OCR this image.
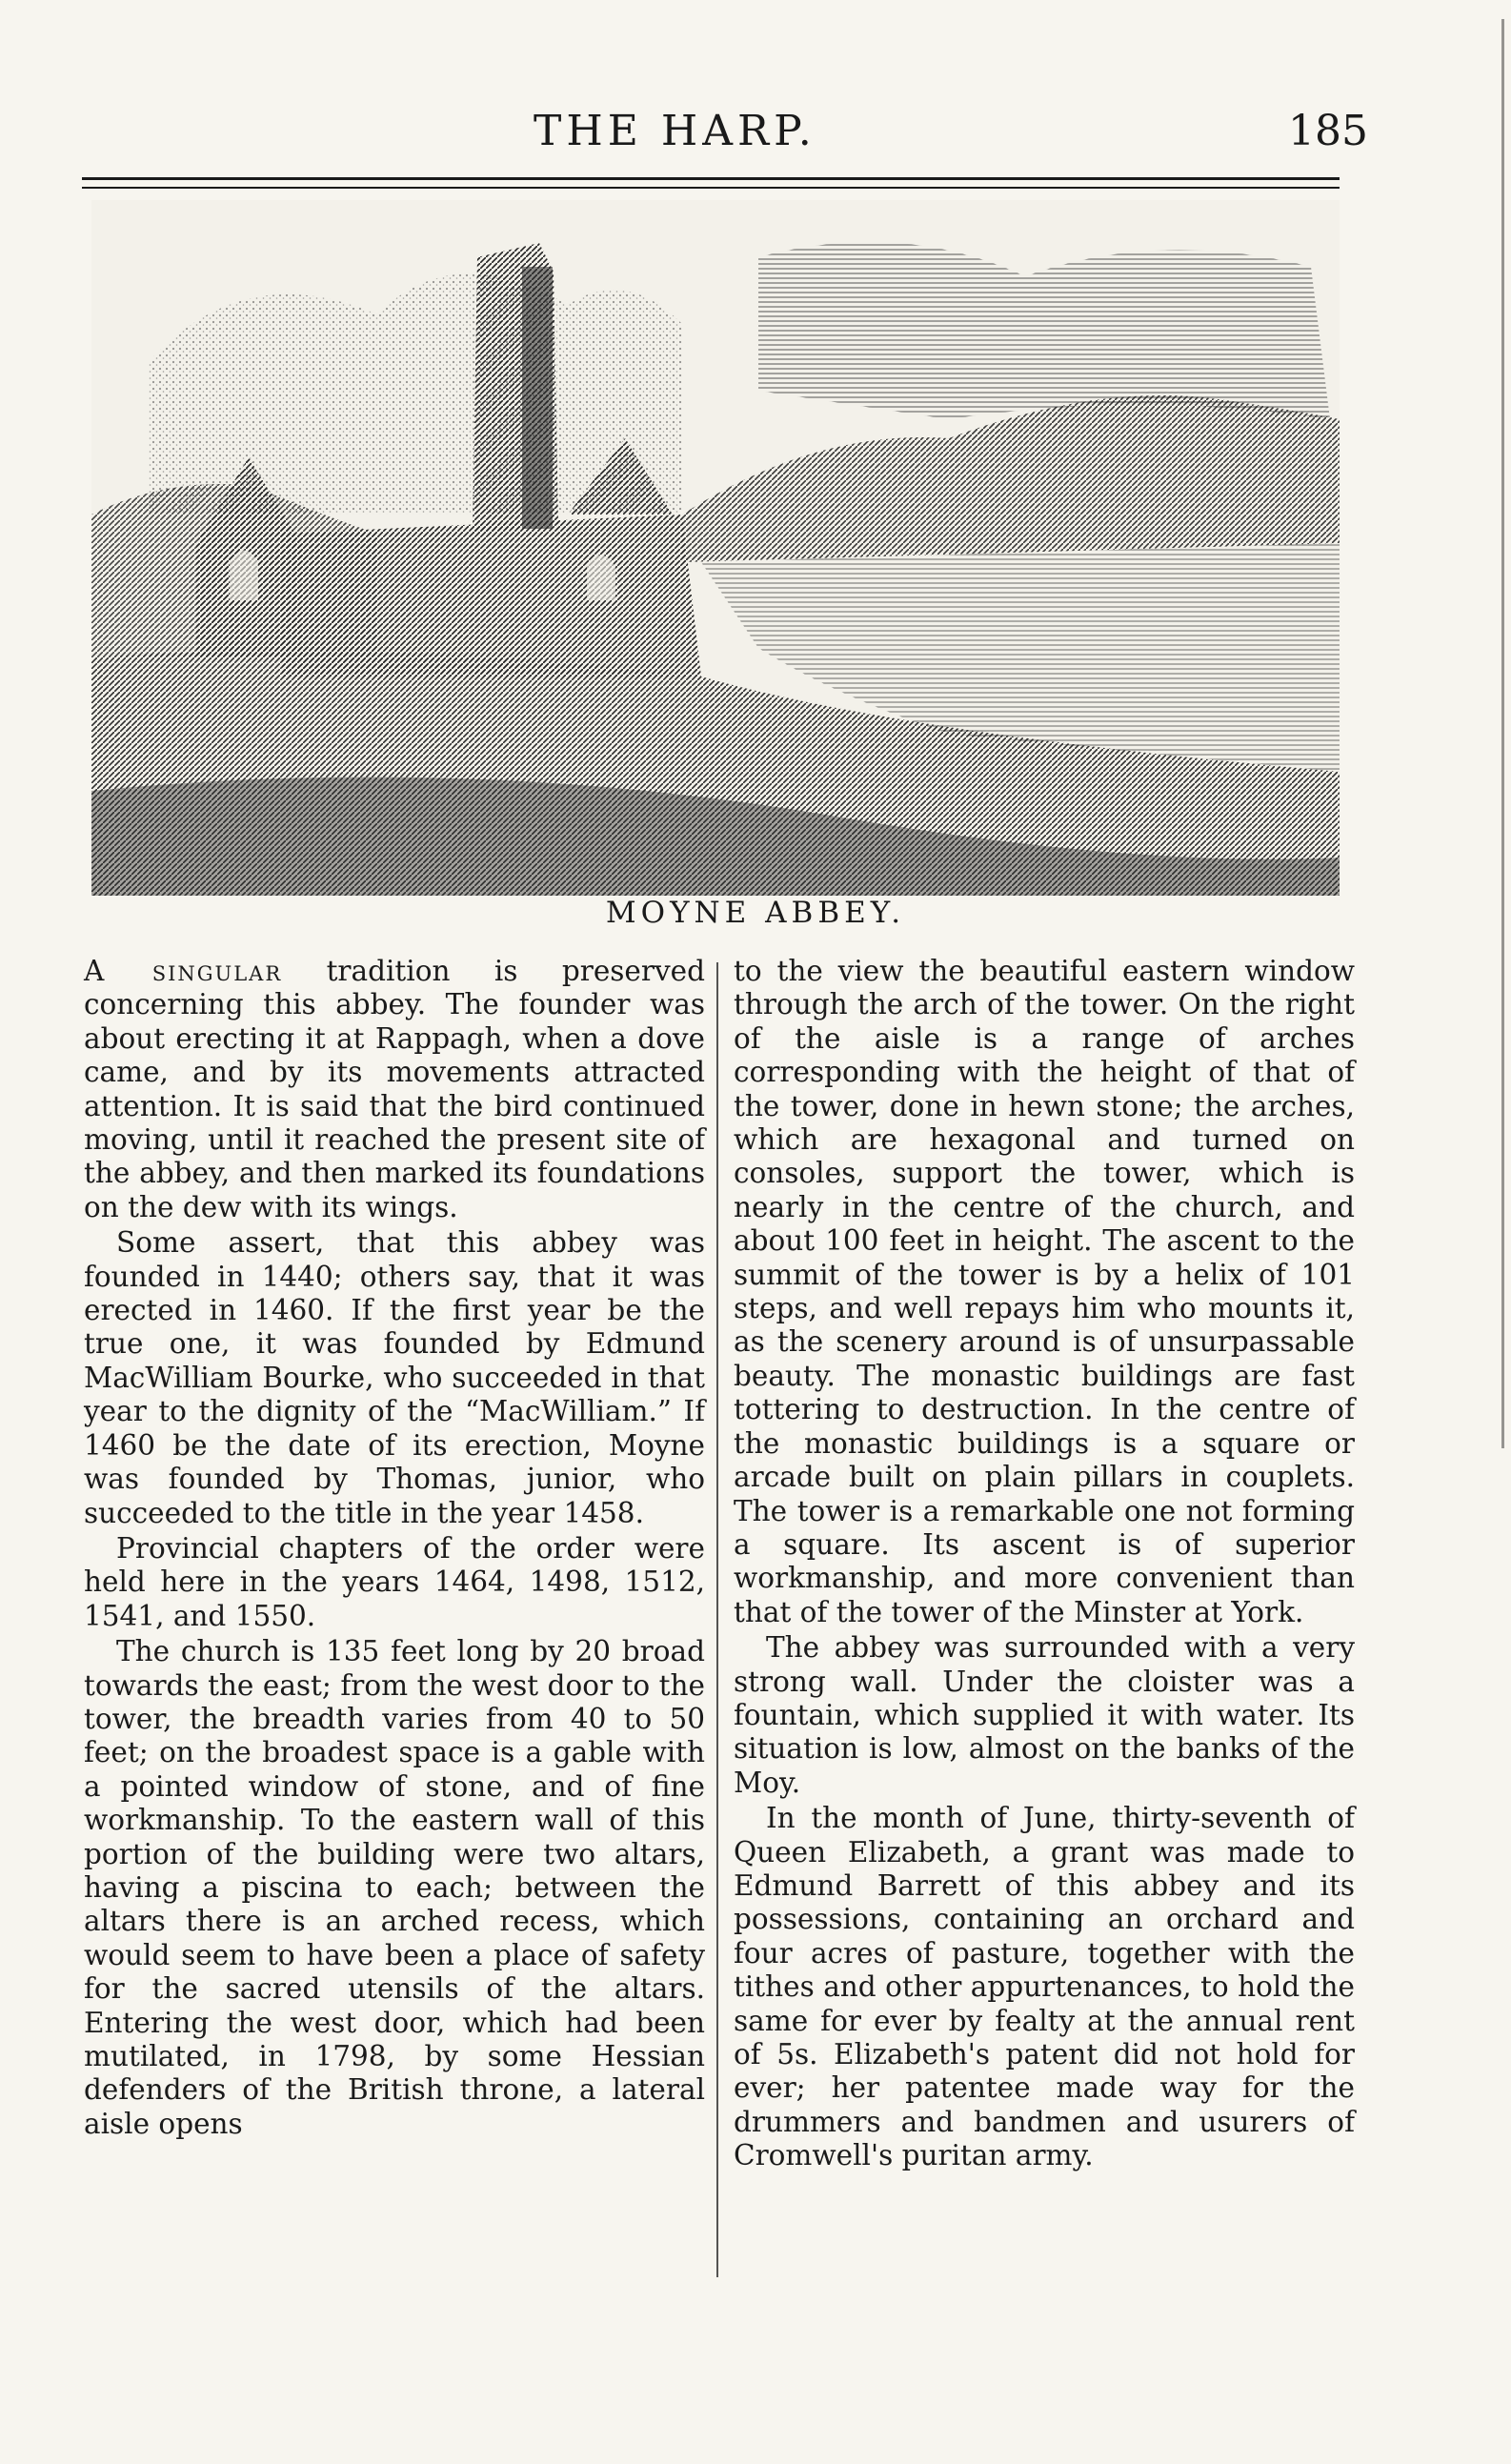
THE HARP.	185
MOYNE ABBEY.

A singular tradition is preserved concerning this abbey. The founder was about erecting it at Rappagh, when a dove came, and by its movements attracted attention. It is said that the bird continued moving, until it reached the present site of the abbey, and then marked its foundations on the dew with its wings.

Some assert, that this abbey was founded in 1440; others say, that it was erected in 1460. If the first year be the true one, it was founded by Edmund MacWilliam Bourke, who succeeded in that year to the dignity of the “MacWilliam.” If 1460 be the date of its erection, Moyne was founded by Thomas, junior, who succeeded to the title in the year 1458.

Provincial chapters of the order were held here in the years 1464, 1498, 1512, 1541, and 1550.

The church is 135 feet long by 20 broad towards the east; from the west door to the tower, the breadth varies from 40 to 50 feet; on the broadest space is a gable with a pointed window of stone, and of fine workmanship. To the eastern wall of this portion of the building were two altars, having a piscina to each; between the altars there is an arched recess, which would seem to have been a place of safety for the sacred utensils of the altars. Entering the west door, which had been mutilated, in 1798, by some Hessian defenders of the British throne, a lateral aisle opens

to the view the beautiful eastern window through the arch of the tower. On the right of the aisle is a range of arches corresponding with the height of that of the tower, done in hewn stone; the arches, which are hexagonal and turned on consoles, support the tower, which is nearly in the centre of the church, and about 100 feet in height. The ascent to the summit of the tower is by a helix of 101 steps, and well repays him who mounts it, as the scenery around is of unsurpassable beauty. The monastic buildings are fast tottering to destruction. In the centre of the monastic buildings is a square or arcade built on plain pillars in couplets. The tower is a remarkable one not forming a square. Its ascent is of superior workmanship, and more convenient than that of the tower of the Minster at York.

The abbey was surrounded with a very strong wall. Under the cloister was a fountain, which supplied it with water. Its situation is low, almost on the banks of the Moy.

In the month of June, thirty-seventh of Queen Elizabeth, a grant was made to Edmund Barrett of this abbey and its possessions, containing an orchard and four acres of pasture, together with the tithes and other appurtenances, to hold the same for ever by fealty at the annual rent of 5s. Elizabeth's patent did not hold for ever; her patentee made way for the drummers and bandmen and usurers of Cromwell's puritan army.
